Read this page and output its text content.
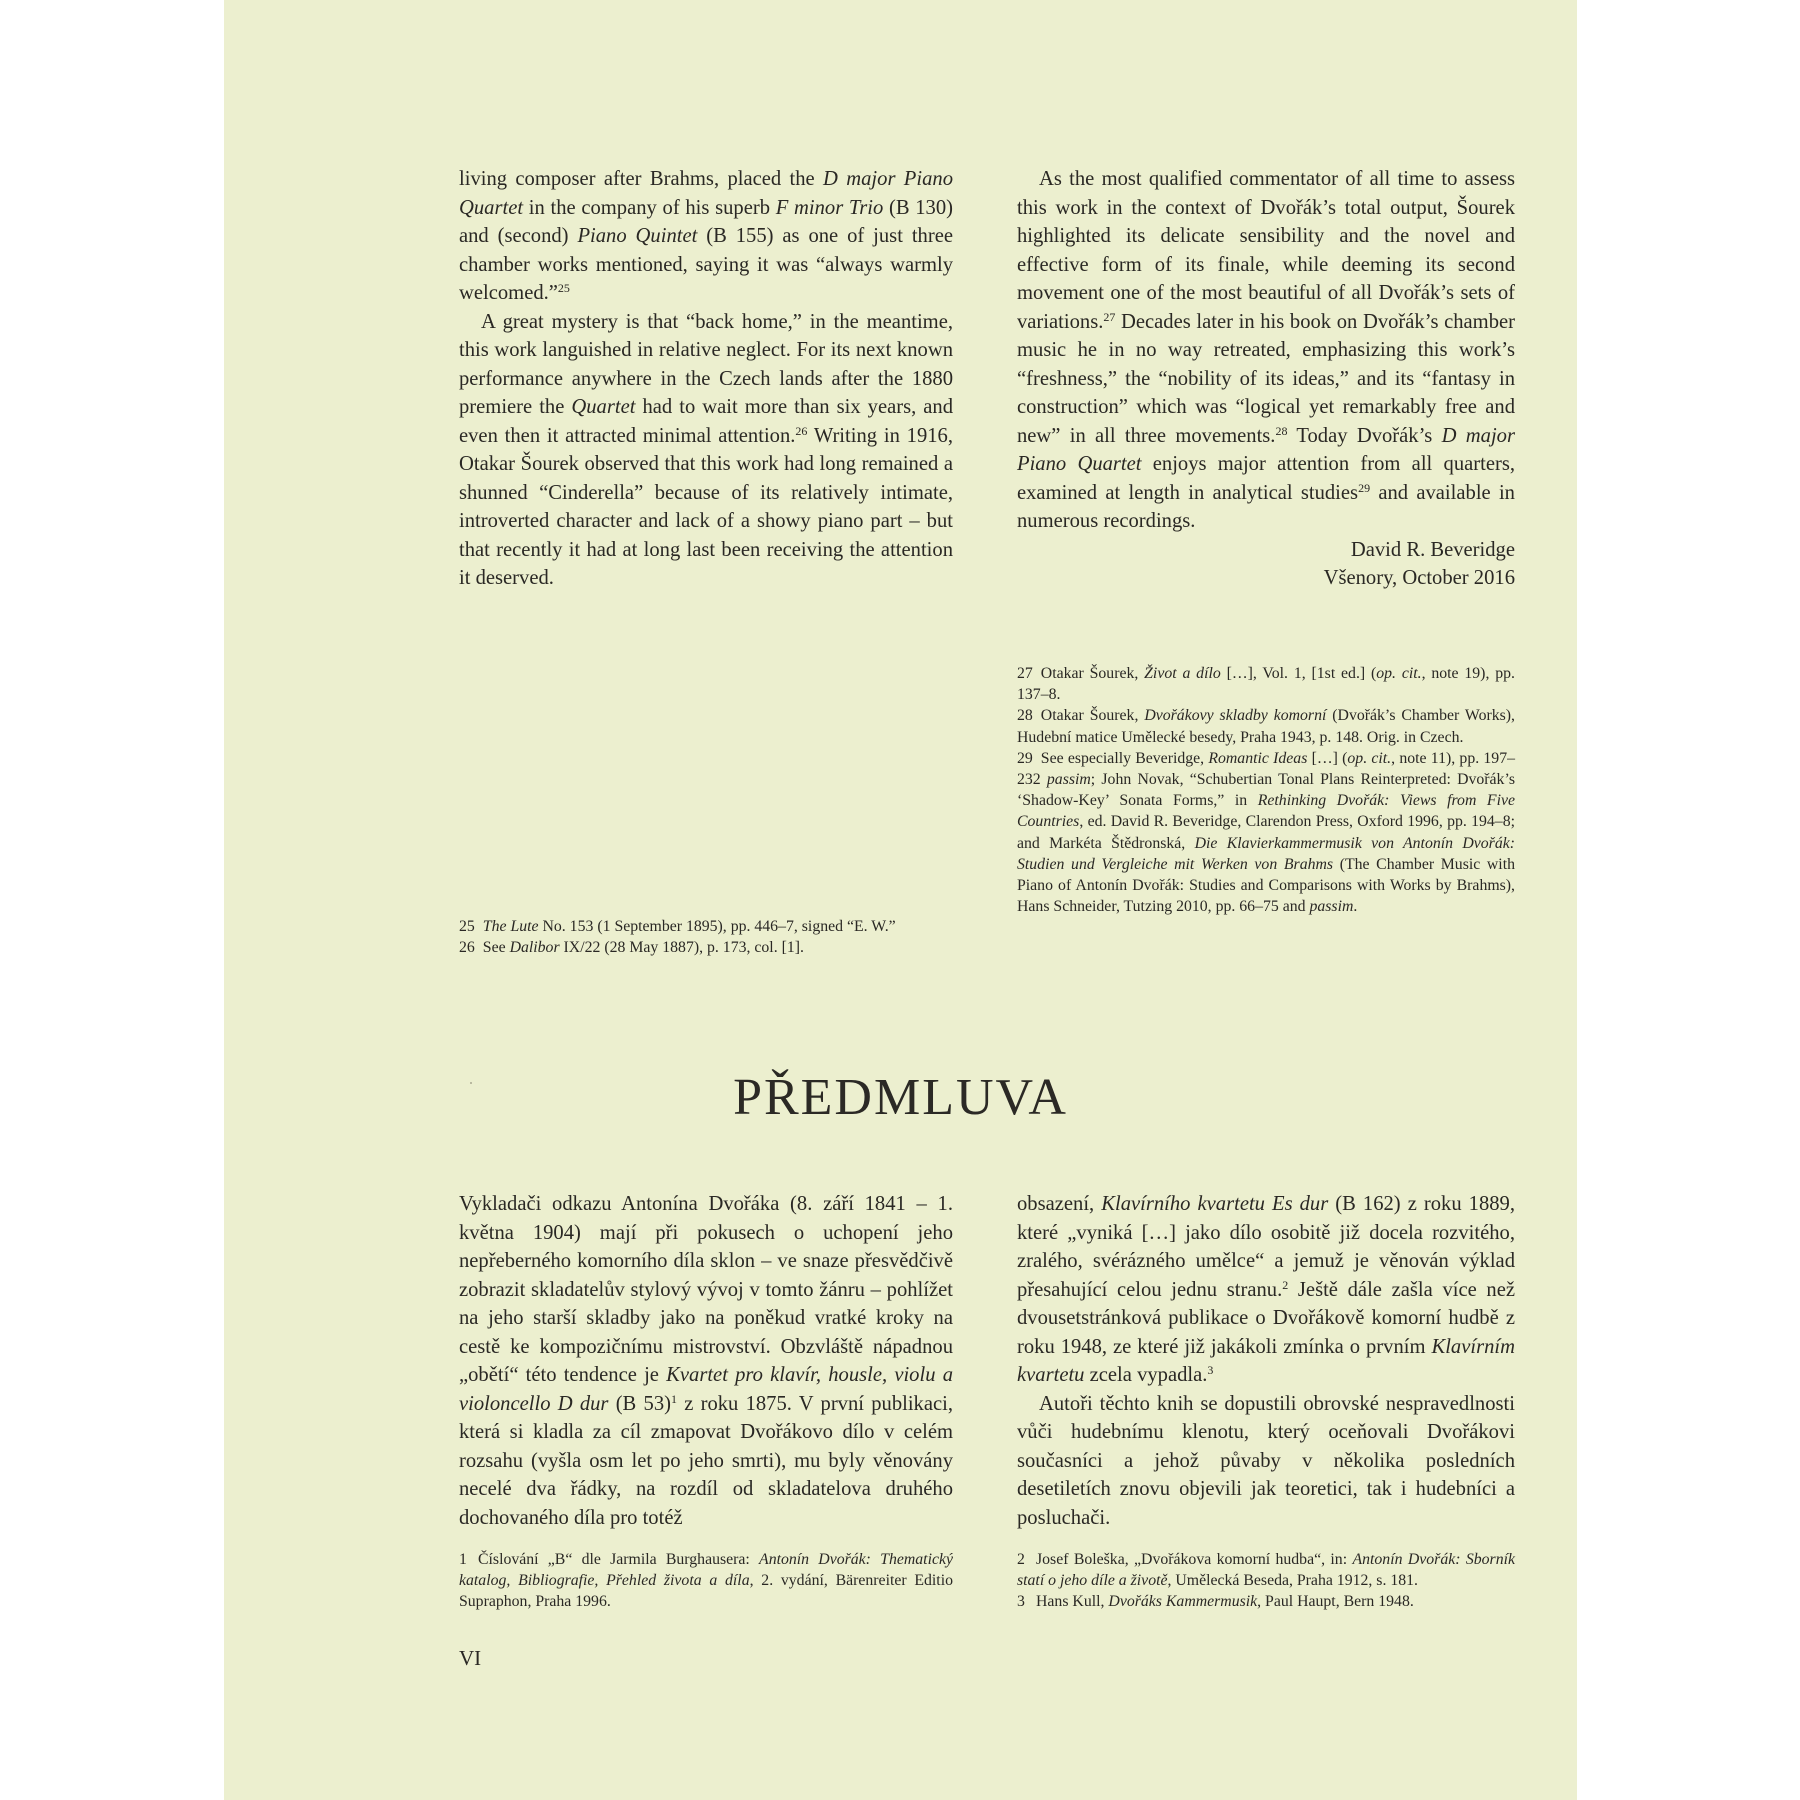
living composer after Brahms, placed the D major Piano Quartet in the company of his superb F minor Trio (B 130) and (second) Piano Quintet (B 155) as one of just three chamber works mentioned, saying it was “always warmly welcomed.”$^{25}$

A great mystery is that “back home,” in the meantime, this work languished in relative neglect. For its next known performance anywhere in the Czech lands after the 1880 premiere the Quartet had to wait more than six years, and even then it attracted minimal attention.$^{26}$ Writing in 1916, Otakar Šourek observed that this work had long remained a shunned “Cinderella” because of its relatively intimate, introverted character and lack of a showy piano part – but that recently it had at long last been receiving the attention it deserved.

As the most qualified commentator of all time to assess this work in the context of Dvořák’s total output, Šourek highlighted its delicate sensibility and the novel and effective form of its finale, while deeming its second movement one of the most beautiful of all Dvořák’s sets of variations.$^{27}$ Decades later in his book on Dvořák’s chamber music he in no way retreated, emphasizing this work’s “freshness,” the “nobility of its ideas,” and its “fantasy in construction” which was “logical yet remarkably free and new” in all three movements.$^{28}$ Today Dvořák’s D major Piano Quartet enjoys major attention from all quarters, examined at length in analytical studies$^{29}$ and available in numerous recordings.

David R. Beveridge

Všenory, October 2016

25 The Lute No. 153 (1 September 1895), pp. 446–7, signed “E. W.”

26 See Dalibor IX/22 (28 May 1887), p. 173, col. [1].

27 Otakar Šourek, Život a dílo […], Vol. 1, [1st ed.] (op. cit., note 19), pp. 137–8.

28 Otakar Šourek, Dvořákovy skladby komorní (Dvořák’s Chamber Works), Hudební matice Umělecké besedy, Praha 1943, p. 148. Orig. in Czech.

29 See especially Beveridge, Romantic Ideas […] (op. cit., note 11), pp. 197–232 passim; John Novak, “Schubertian Tonal Plans Reinterpreted: Dvořák’s ‘Shadow-Key’ Sonata Forms,” in Rethinking Dvořák: Views from Five Countries, ed. David R. Beveridge, Clarendon Press, Oxford 1996, pp. 194–8; and Markéta Štědronská, Die Klavierkammermusik von Antonín Dvořák: Studien und Vergleiche mit Werken von Brahms (The Chamber Music with Piano of Antonín Dvořák: Studies and Comparisons with Works by Brahms), Hans Schneider, Tutzing 2010, pp. 66–75 and passim.

PŘEDMLUVA

Vykladači odkazu Antonína Dvořáka (8. září 1841 – 1. května 1904) mají při pokusech o uchopení jeho nepřeberného komorního díla sklon – ve snaze přesvědčivě zobrazit skladatelův stylový vývoj v tomto žánru – pohlížet na jeho starší skladby jako na poněkud vratké kroky na cestě ke kompozičnímu mistrovství. Obzvláště nápadnou „obětí“ této tendence je Kvartet pro klavír, housle, violu a violoncello D dur (B 53)$^1$ z roku 1875. V první publikaci, která si kladla za cíl zmapovat Dvořákovo dílo v celém rozsahu (vyšla osm let po jeho smrti), mu byly věnovány necelé dva řádky, na rozdíl od skladatelova druhého dochovaného díla pro totéž

obsazení, Klavírního kvartetu Es dur (B 162) z roku 1889, které „vyniká […] jako dílo osobitě již docela rozvitého, zralého, svérázného umělce“ a jemuž je věnován výklad přesahující celou jednu stranu.$^2$ Ještě dále zašla více než dvousetstránková publikace o Dvořákově komorní hudbě z roku 1948, ze které již jakákoli zmínka o prvním Klavírním kvartetu zcela vypadla.$^3$

Autoři těchto knih se dopustili obrovské nespravedlnosti vůči hudebnímu klenotu, který oceňovali Dvořákovi současníci a jehož půvaby v několika posledních desetiletích znovu objevili jak teoretici, tak i hudebníci a posluchači.

1 Číslování „B“ dle Jarmila Burghausera: Antonín Dvořák: Thematický katalog, Bibliografie, Přehled života a díla, 2. vydání, Bärenreiter Editio Supraphon, Praha 1996.

2 Josef Boleška, „Dvořákova komorní hudba“, in: Antonín Dvořák: Sborník statí o jeho díle a životě, Umělecká Beseda, Praha 1912, s. 181.

3 Hans Kull, Dvořáks Kammermusik, Paul Haupt, Bern 1948.

VI
